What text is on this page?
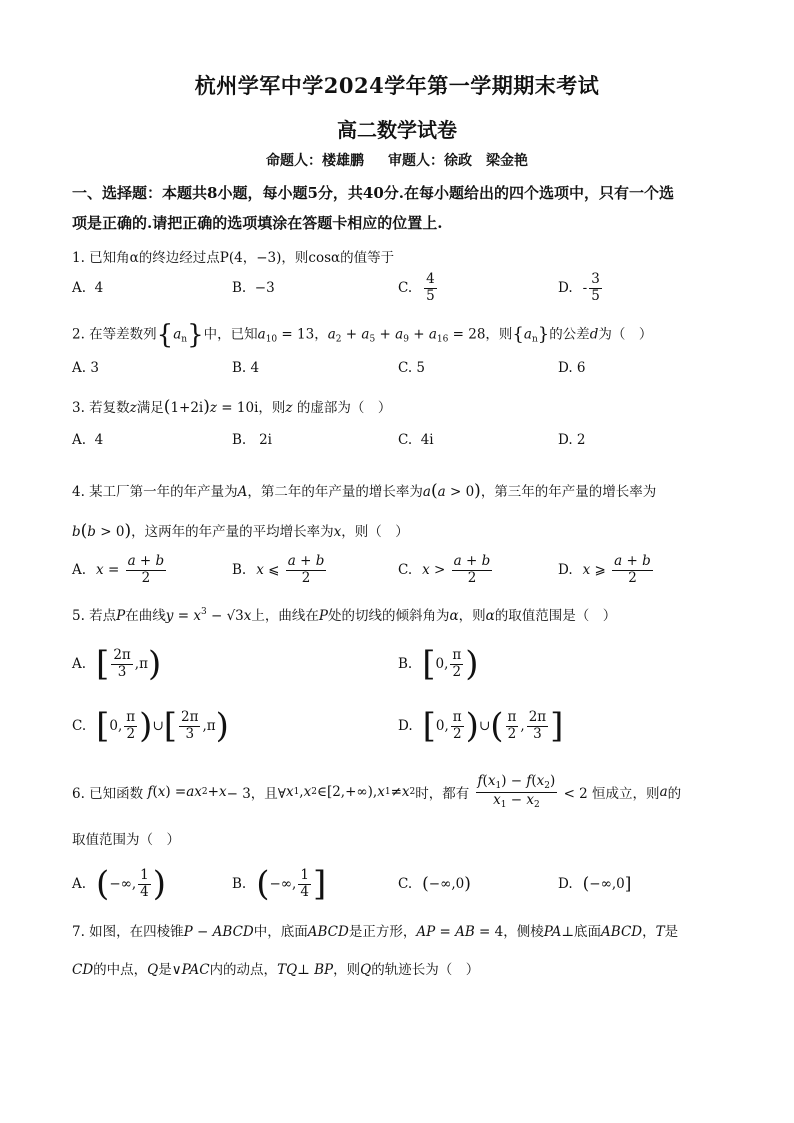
杭州学军中学2024学年第一学期期末考试
高二数学试卷
命题人：楼雄鹏 审题人：徐政　梁金艳
一、选择题：本题共8小题，每小题5分，共40分.在每小题给出的四个选项中，只有一个选
项是正确的.请把正确的选项填涂在答题卡相应的位置上.
1. 已知角α的终边经过点P(4，−3)，则cosα的值等于
A.  4	B.  −3	C. $\frac{4}{5}$	D. - $\frac{3}{5}$
2. 在等差数列$\{a_n\}$中，已知$a_{10} = 13$，$a_2 + a_5 + a_9 + a_{16} = 28$，则$\{a_n\}$的公差d为（　）
A. 3	B. 4	C. 5	D. 6
3. 若复数z满足(1+2i)z = 10i，则z 的虚部为（　）
A.  4	B.   2i	C.  4i	D. 2
4. 某工厂第一年的年产量为A，第二年的年产量的增长率为a(a > 0)，第三年的年产量的增长率为
b(b > 0)，这两年的年产量的平均增长率为x，则（　）
A. $x = \frac{a + b}{2}$	B. x ⩽ $\frac{a + b}{2}$	C. $x > \frac{a + b}{2}$	D. x ⩾ $\frac{a + b}{2}$
5. 若点P在曲线$y = x^3 - √3x$上，曲线在P处的切线的倾斜角为α，则α的取值范围是（　）
A. [ $\frac{2\pi}{3} ,\pi$ )	B. [ 0, $\frac{\pi}{2}$ )
C. [ 0, $\frac{\pi}{2}$ ) ∪ [ $\frac{2\pi}{3} ,\pi$ )	D. [ 0, $\frac{\pi}{2}$ ) ∪ ( $\frac{\pi}{2}$ , $\frac{2\pi}{3}$ ]
6. 已知函数 f ( x ) = ax 2 + x − 3，且∀ x 1 , x 2 ∈[2,+∞), x 1 ≠ x 2 时，都有 $\frac{f(x_1) - f(x_2)}{x_1 - x_2} < 2$ 恒成立，则 a 的
取值范围为（　）
A. ( −∞, $\frac{1}{4}$ )	B. ( −∞, $\frac{1}{4}$ ]	C. ( −∞,0 )	D. ( −∞,0 ]
7. 如图，在四棱锥P − ABCD中，底面ABCD是正方形，AP = AB = 4，侧棱PA⊥底面ABCD，T是
CD的中点，Q是∨PAC内的动点，TQ⊥ BP，则Q的轨迹长为（　）
